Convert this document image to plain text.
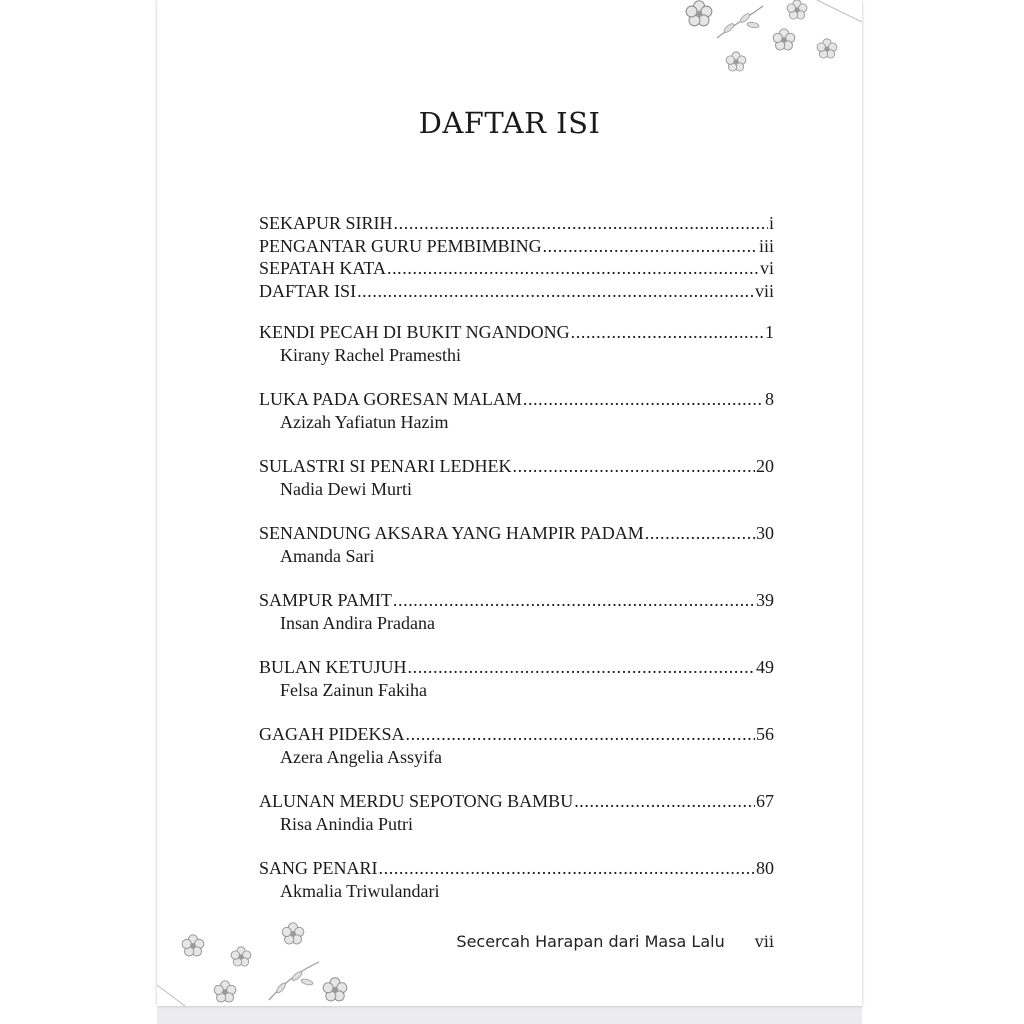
DAFTAR ISI
SEKAPUR SIRIH .....	i
PENGANTAR GURU PEMBIMBING .....	iii
SEPATAH KATA .....	vi
DAFTAR ISI .....	vii
KENDI PECAH DI BUKIT NGANDONG .....	1
Kirany Rachel Pramesthi
LUKA PADA GORESAN MALAM .....	8
Azizah Yafiatun Hazim
SULASTRI SI PENARI LEDHEK .....	20
Nadia Dewi Murti
SENANDUNG AKSARA YANG HAMPIR PADAM .....	30
Amanda Sari
SAMPUR PAMIT .....	39
Insan Andira Pradana
BULAN KETUJUH .....	49
Felsa Zainun Fakiha
GAGAH PIDEKSA .....	56
Azera Angelia Assyifa
ALUNAN MERDU SEPOTONG BAMBU .....	67
Risa Anindia Putri
SANG PENARI .....	80
Akmalia Triwulandari
Secercah Harapan dari Masa Lalu vii
